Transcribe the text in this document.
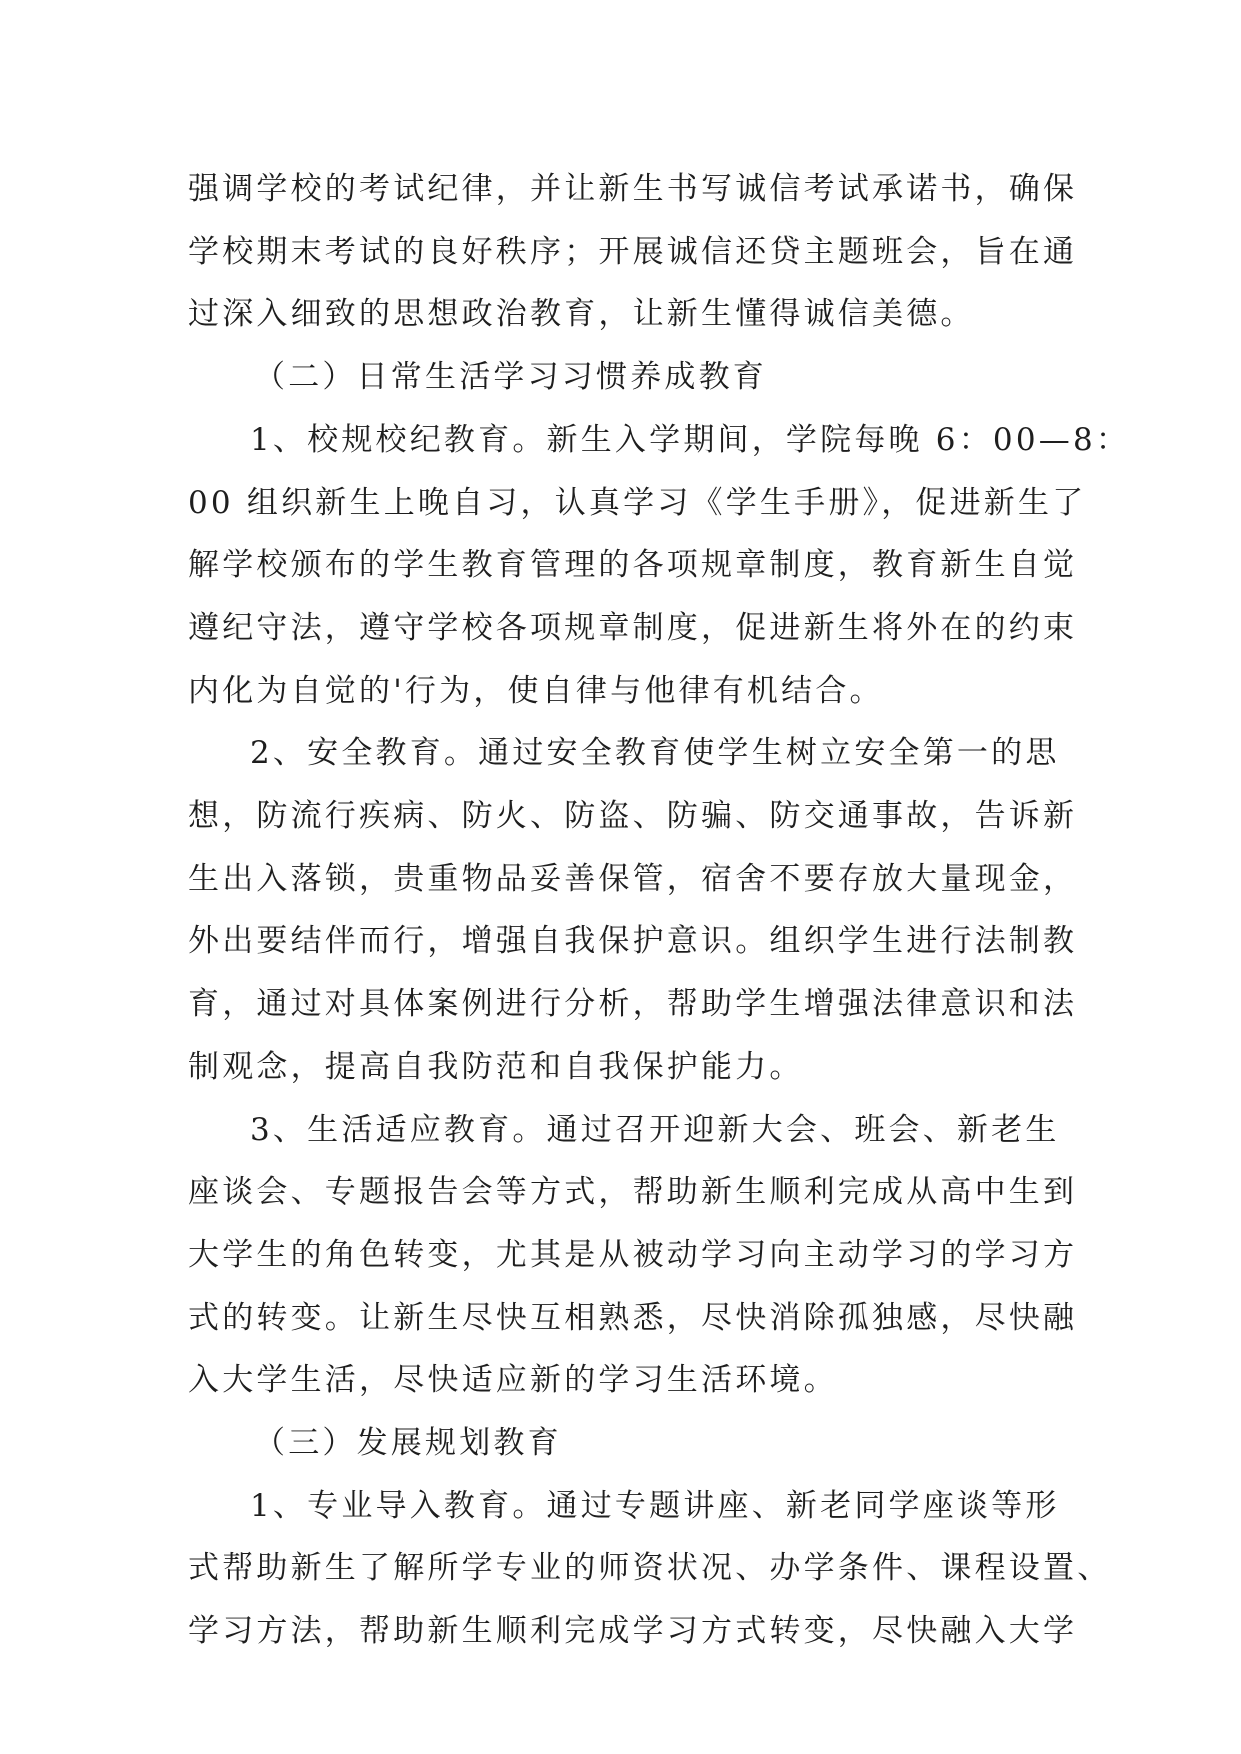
强调学校的考试纪律，并让新生书写诚信考试承诺书，确保

学校期末考试的良好秩序；开展诚信还贷主题班会，旨在通

过深入细致的思想政治教育，让新生懂得诚信美德。

（二）日常生活学习习惯养成教育

1、校规校纪教育。新生入学期间，学院每晚 6：00—8：

00 组织新生上晚自习，认真学习《学生手册》，促进新生了

解学校颁布的学生教育管理的各项规章制度，教育新生自觉

遵纪守法，遵守学校各项规章制度，促进新生将外在的约束

内化为自觉的'行为，使自律与他律有机结合。

2、安全教育。通过安全教育使学生树立安全第一的思

想，防流行疾病、防火、防盗、防骗、防交通事故，告诉新

生出入落锁，贵重物品妥善保管，宿舍不要存放大量现金，

外出要结伴而行，增强自我保护意识。组织学生进行法制教

育，通过对具体案例进行分析，帮助学生增强法律意识和法

制观念，提高自我防范和自我保护能力。

3、生活适应教育。通过召开迎新大会、班会、新老生

座谈会、专题报告会等方式，帮助新生顺利完成从高中生到

大学生的角色转变，尤其是从被动学习向主动学习的学习方

式的转变。让新生尽快互相熟悉，尽快消除孤独感，尽快融

入大学生活，尽快适应新的学习生活环境。

（三）发展规划教育

1、专业导入教育。通过专题讲座、新老同学座谈等形

式帮助新生了解所学专业的师资状况、办学条件、课程设置、

学习方法，帮助新生顺利完成学习方式转变，尽快融入大学
